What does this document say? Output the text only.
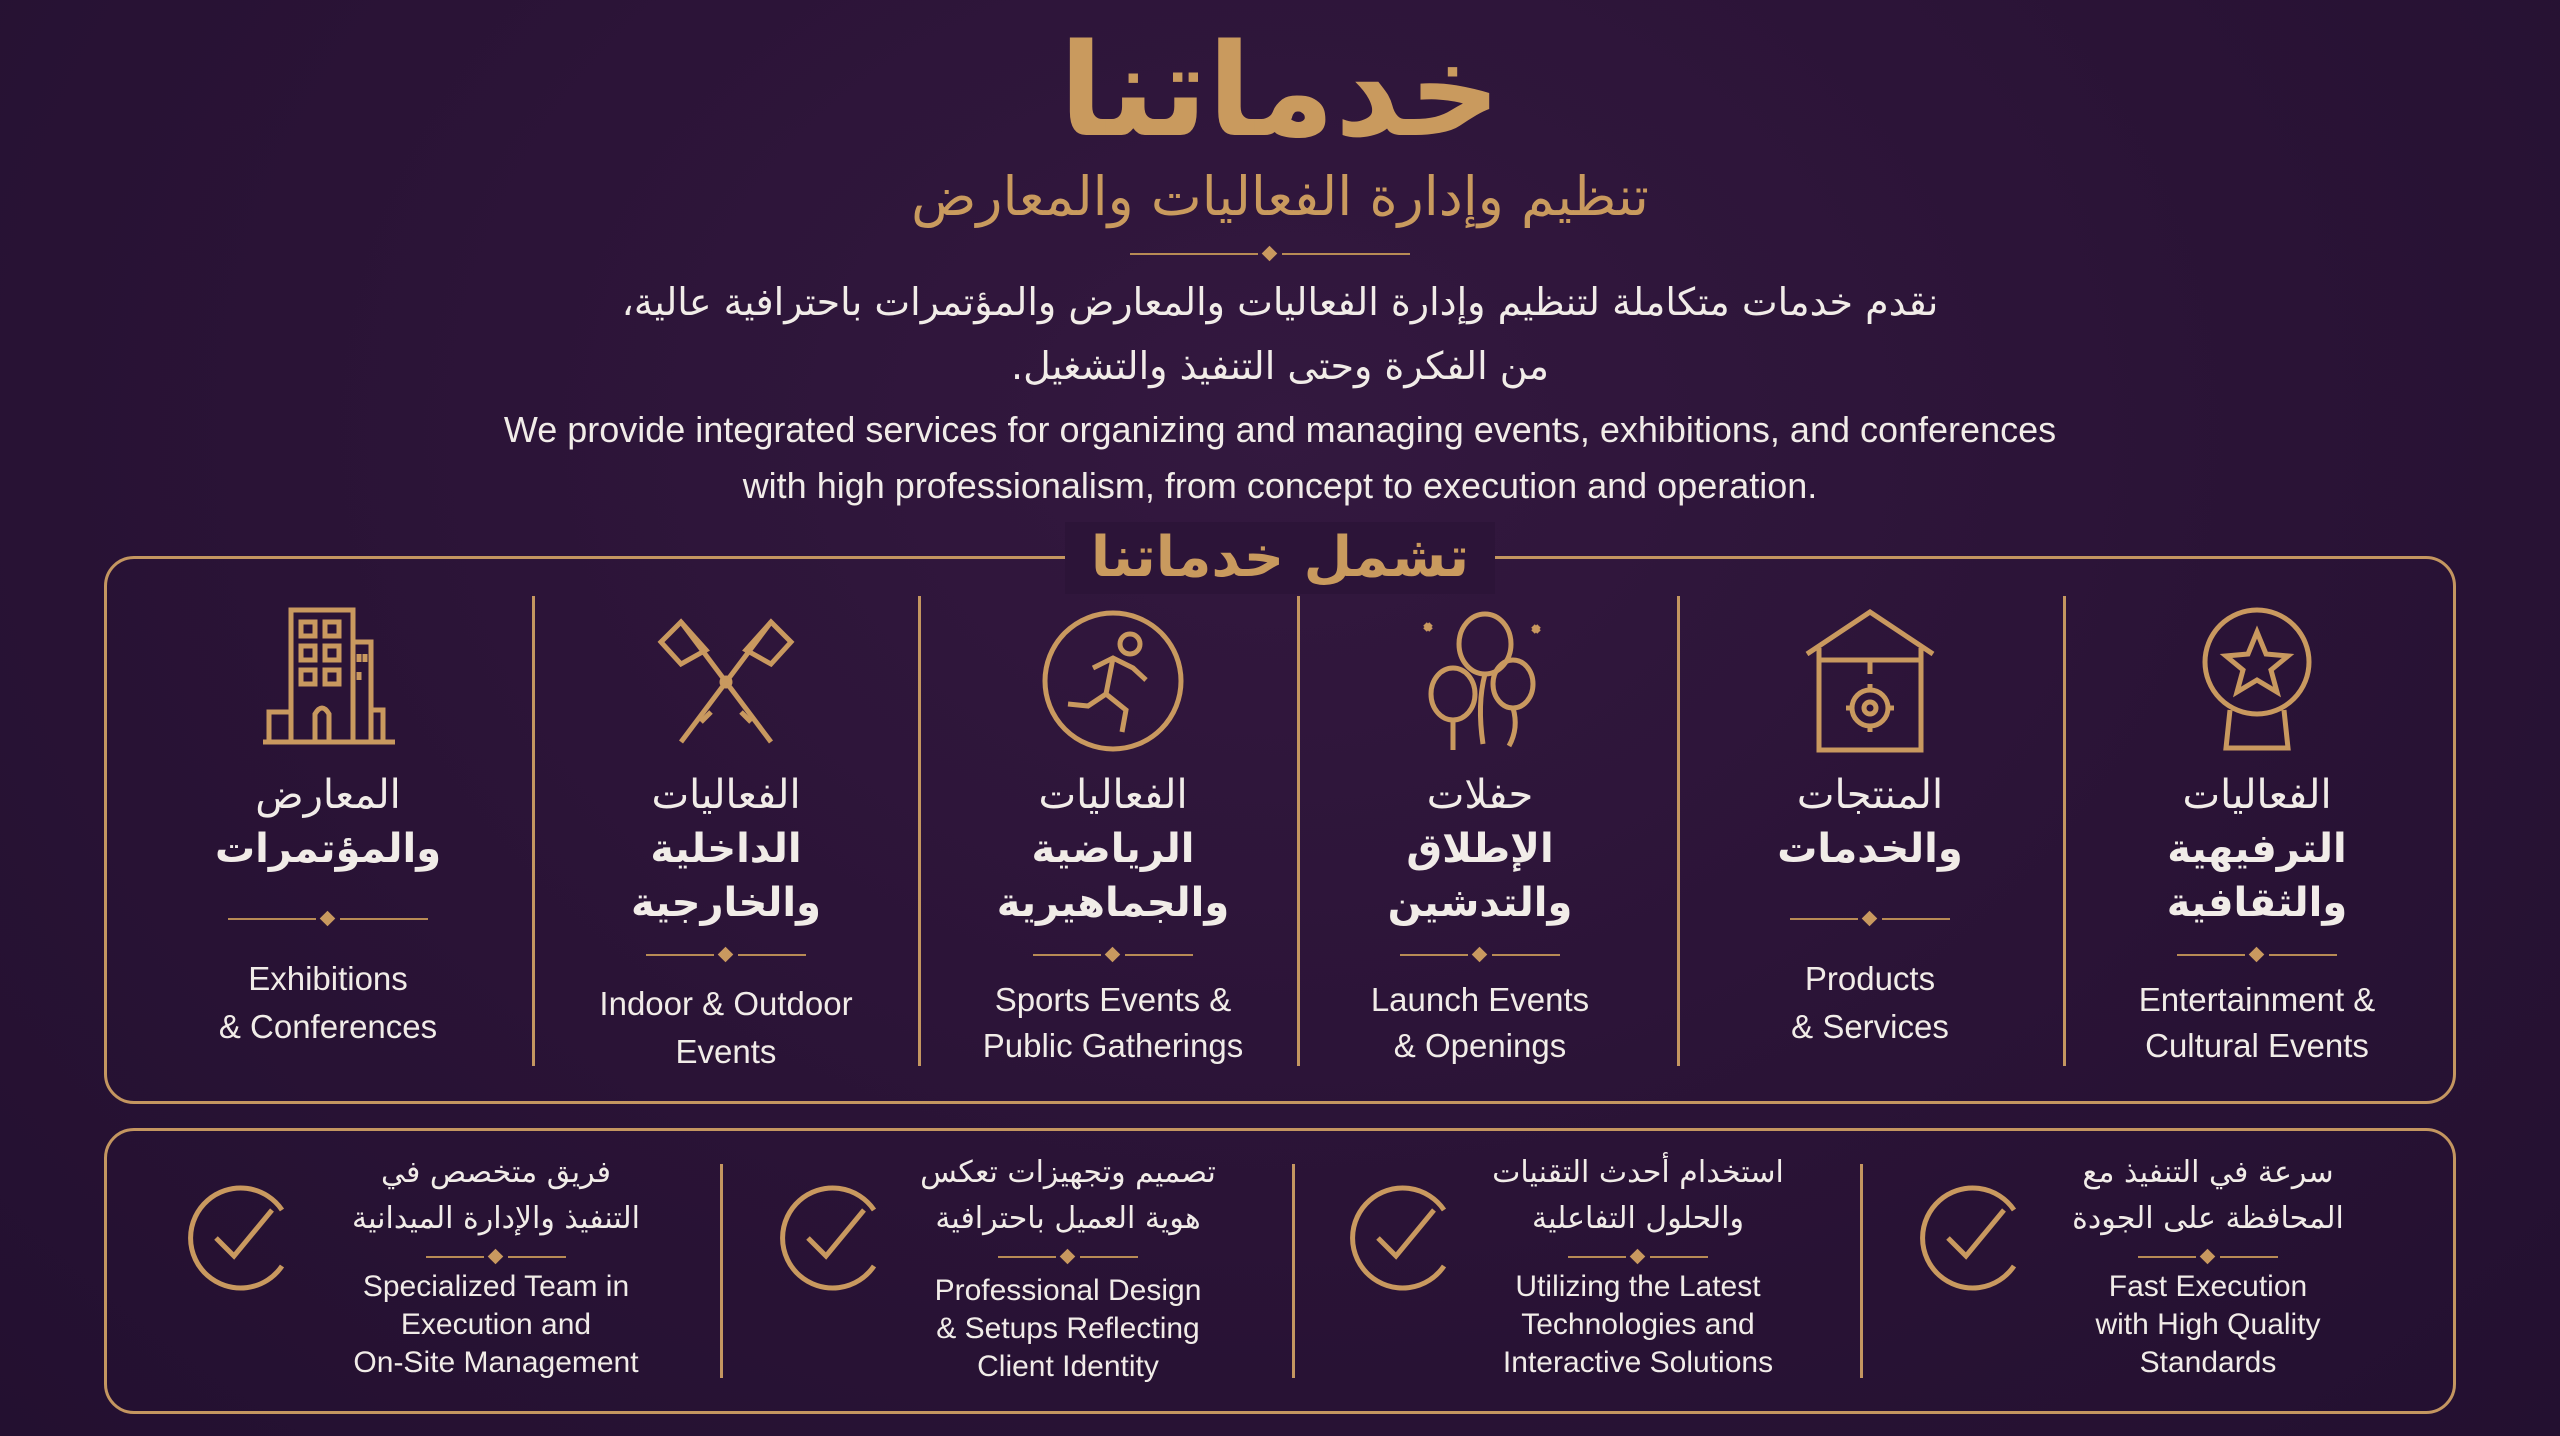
خدماتنا
تنظيم وإدارة الفعاليات والمعارض
نقدم خدمات متكاملة لتنظيم وإدارة الفعاليات والمعارض والمؤتمرات باحترافية عالية،
من الفكرة وحتى التنفيذ والتشغيل.
We provide integrated services for organizing and managing events, exhibitions, and conferences
with high professionalism, from concept to execution and operation.
تشمل خدماتنا
المعارض
والمؤتمرات
Exhibitions
& Conferences
الفعاليات
الداخلية
والخارجية
Indoor & Outdoor
Events
الفعاليات
الرياضية
والجماهيرية
Sports Events &
Public Gatherings
حفلات
الإطلاق
والتدشين
Launch Events
& Openings
المنتجات
والخدمات
Products
& Services
الفعاليات
الترفيهية
والثقافية
Entertainment &
Cultural Events
فريق متخصص في
التنفيذ والإدارة الميدانية
Specialized Team in
Execution and
On-Site Management
تصميم وتجهيزات تعكس
هوية العميل باحترافية
Professional Design
& Setups Reflecting
Client Identity
استخدام أحدث التقنيات
والحلول التفاعلية
Utilizing the Latest
Technologies and
Interactive Solutions
سرعة في التنفيذ مع
المحافظة على الجودة
Fast Execution
with High Quality
Standards
